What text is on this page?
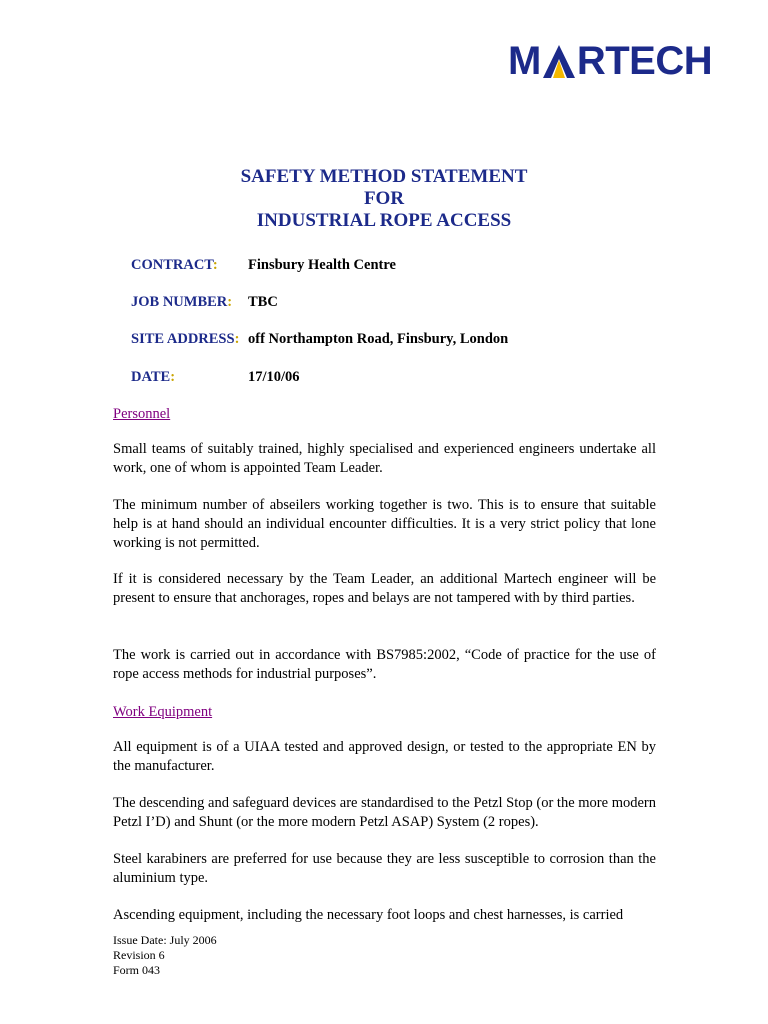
M RTECH
SAFETY METHOD STATEMENT
FOR
INDUSTRIAL ROPE ACCESS
CONTRACT: Finsbury Health Centre
JOB NUMBER: TBC
SITE ADDRESS: off Northampton Road, Finsbury, London
DATE:	17/10/06
Personnel
Small teams of suitably trained, highly specialised and experienced engineers undertake all work, one of whom is appointed Team Leader.
The minimum number of abseilers working together is two. This is to ensure that suitable help is at hand should an individual encounter difficulties. It is a very strict policy that lone working is not permitted.
If it is considered necessary by the Team Leader, an additional Martech engineer will be present to ensure that anchorages, ropes and belays are not tampered with by third parties.
The work is carried out in accordance with BS7985:2002, “Code of practice for the use of rope access methods for industrial purposes”.
Work Equipment
All equipment is of a UIAA tested and approved design, or tested to the appropriate EN by the manufacturer.
The descending and safeguard devices are standardised to the Petzl Stop (or the more modern Petzl I’D) and Shunt (or the more modern Petzl ASAP) System (2 ropes).
Steel karabiners are preferred for use because they are less susceptible to corrosion than the aluminium type.
Ascending equipment, including the necessary foot loops and chest harnesses, is carried
Issue Date: July 2006
Revision 6
Form 043
